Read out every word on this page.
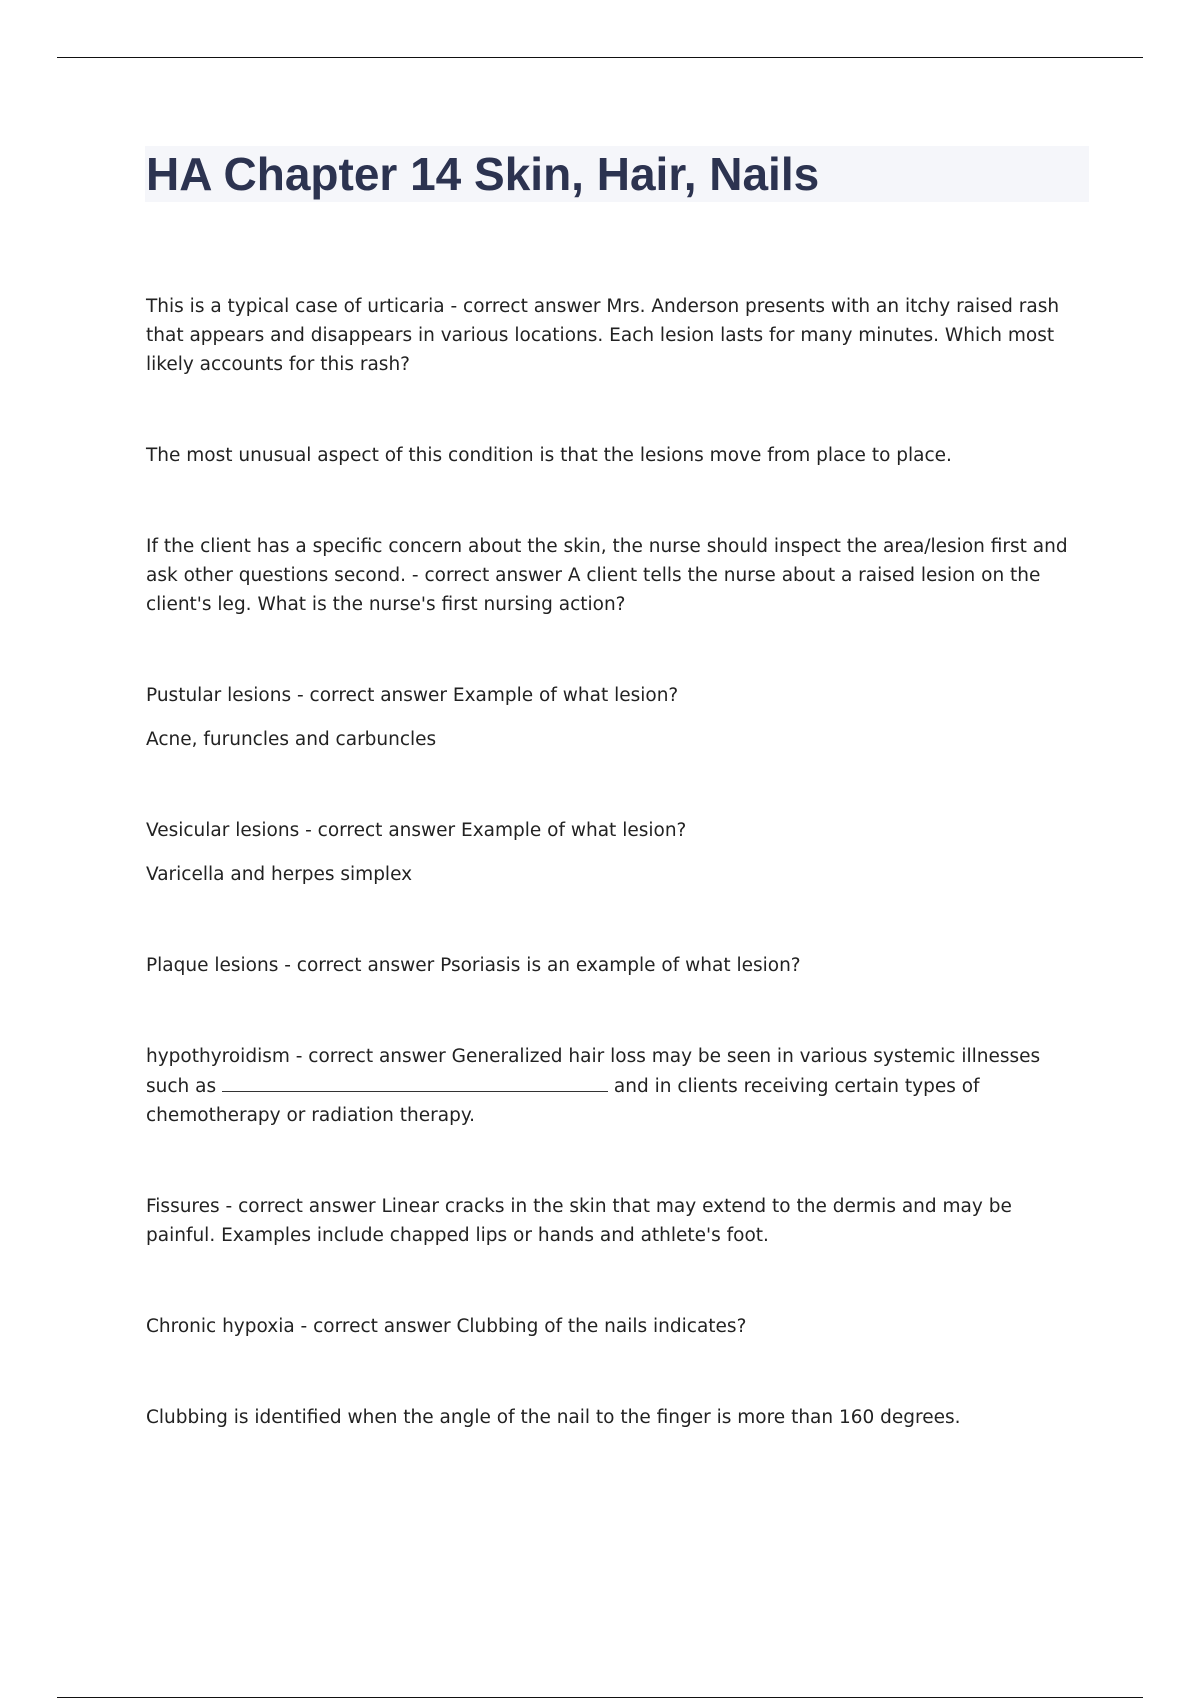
HA Chapter 14 Skin, Hair, Nails

This is a typical case of urticaria - correct answer Mrs. Anderson presents with an itchy raised rash that appears and disappears in various locations. Each lesion lasts for many minutes. Which most likely accounts for this rash?

The most unusual aspect of this condition is that the lesions move from place to place.

If the client has a specific concern about the skin, the nurse should inspect the area/lesion first and ask other questions second. - correct answer A client tells the nurse about a raised lesion on the client's leg. What is the nurse's first nursing action?

Pustular lesions - correct answer Example of what lesion?

Acne, furuncles and carbuncles

Vesicular lesions - correct answer Example of what lesion?

Varicella and herpes simplex

Plaque lesions - correct answer Psoriasis is an example of what lesion?

hypothyroidism - correct answer Generalized hair loss may be seen in various systemic illnesses such as	and in clients receiving certain types of chemotherapy or radiation therapy.

Fissures - correct answer Linear cracks in the skin that may extend to the dermis and may be painful. Examples include chapped lips or hands and athlete's foot.

Chronic hypoxia - correct answer Clubbing of the nails indicates?

Clubbing is identified when the angle of the nail to the finger is more than 160 degrees.
